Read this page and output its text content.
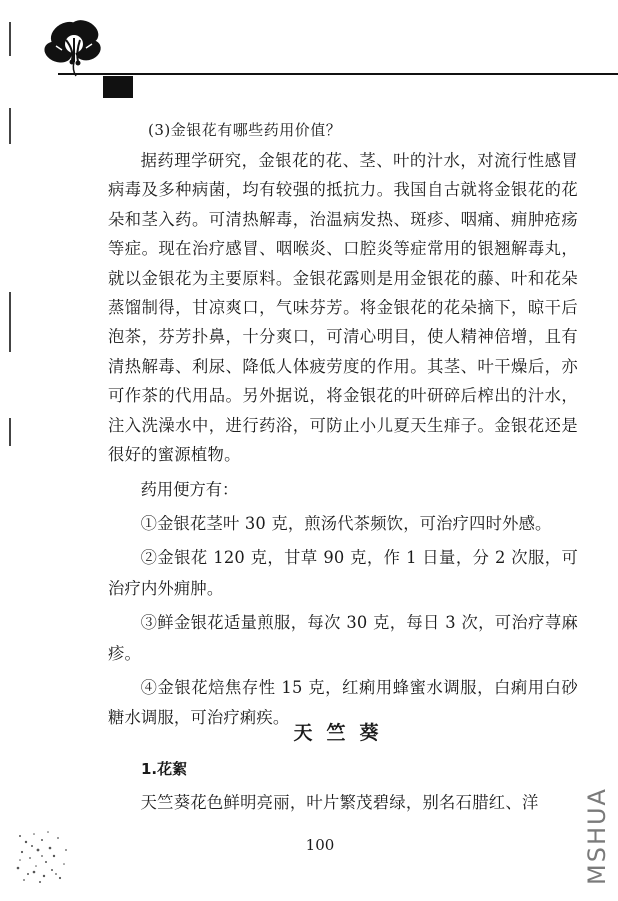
(3)金银花有哪些药用价值？

据药理学研究，金银花的花、茎、叶的汁水，对流行性感冒病毒及多种病菌，均有较强的抵抗力。我国自古就将金银花的花朵和茎入药。可清热解毒，治温病发热、斑疹、咽痛、痈肿疮疡等症。现在治疗感冒、咽喉炎、口腔炎等症常用的银翘解毒丸，就以金银花为主要原料。金银花露则是用金银花的藤、叶和花朵蒸馏制得，甘凉爽口，气味芬芳。将金银花的花朵摘下，晾干后泡茶，芬芳扑鼻，十分爽口，可清心明目，使人精神倍增，且有清热解毒、利尿、降低人体疲劳度的作用。其茎、叶干燥后，亦可作茶的代用品。另外据说，将金银花的叶研碎后榨出的汁水，注入洗澡水中，进行药浴，可防止小儿夏天生痱子。金银花还是很好的蜜源植物。

药用便方有：

①金银花茎叶 30 克，煎汤代茶频饮，可治疗四时外感。

②金银花 120 克，甘草 90 克，作 1 日量，分 2 次服，可治疗内外痈肿。

③鲜金银花适量煎服，每次 30 克，每日 3 次，可治疗荨麻疹。

④金银花焙焦存性 15 克，红痢用蜂蜜水调服，白痢用白砂糖水调服，可治疗痢疾。

天竺葵
1.花絮
天竺葵花色鲜明亮丽，叶片繁茂碧绿，别名石腊红、洋
100	MSHUA
